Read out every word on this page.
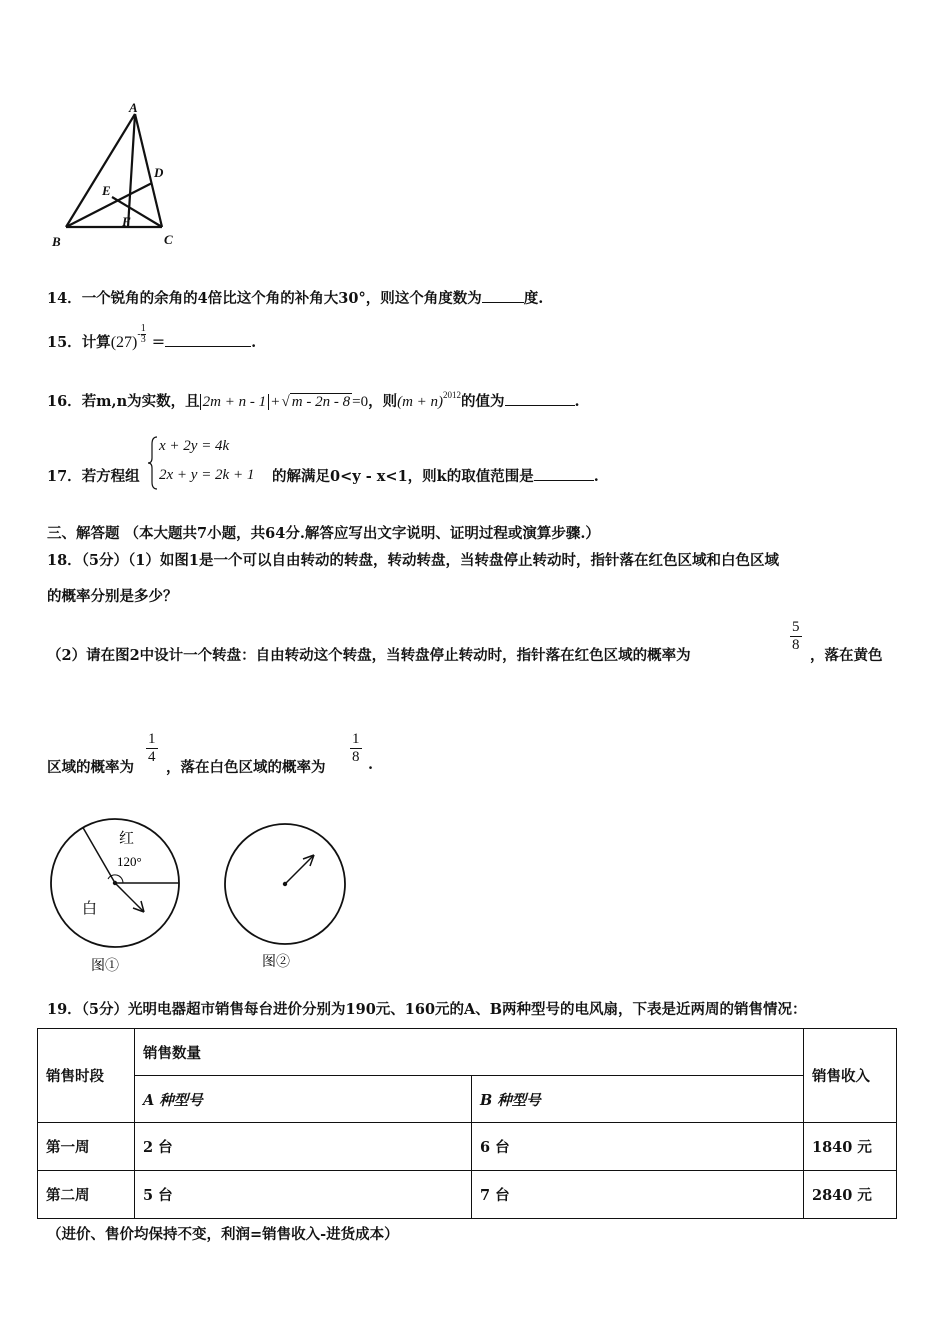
A
B	C
D
E
F
14．一个锐角的余角的4倍比这个角的补角大30°，则这个角度数为	度.
15．计算$(27)- \frac{1}{3}$ =	.
16．若m,n为实数，且 2m + n - 1 + √ m - 2n - 8 =0，则$(m + n)^{2012}$的值为	.
17．若方程组
x + 2y = 4k
2x + y = 2k + 1 的解满足0<y - x<1，则k的取值范围是	.
三、解答题 （本大题共7小题，共64分.解答应写出文字说明、证明过程或演算步骤.）
18．（5分）（1）如图1是一个可以自由转动的转盘，转动转盘，当转盘停止转动时，指针落在红色区域和白色区域
的概率分别是多少？
（2）请在图2中设计一个转盘：自由转动这个转盘，当转盘停止转动时，指针落在红色区域的概率为
$\frac{5}{8}$
，落在黄色
区域的概率为
$\frac{1}{4}$
，落在白色区域的概率为
$\frac{1}{8}$ .
红
120°
白
图①	图②
19．（5分）光明电器超市销售每台进价分别为190元、160元的A、B两种型号的电风扇，下表是近两周的销售情况：
销售时段	销售数量		销售收入
	A 种型号	B 种型号	
第一周	2 台	6 台	1840 元
第二周	5 台	7 台	2840 元
（进价、售价均保持不变，利润=销售收入-进货成本）
